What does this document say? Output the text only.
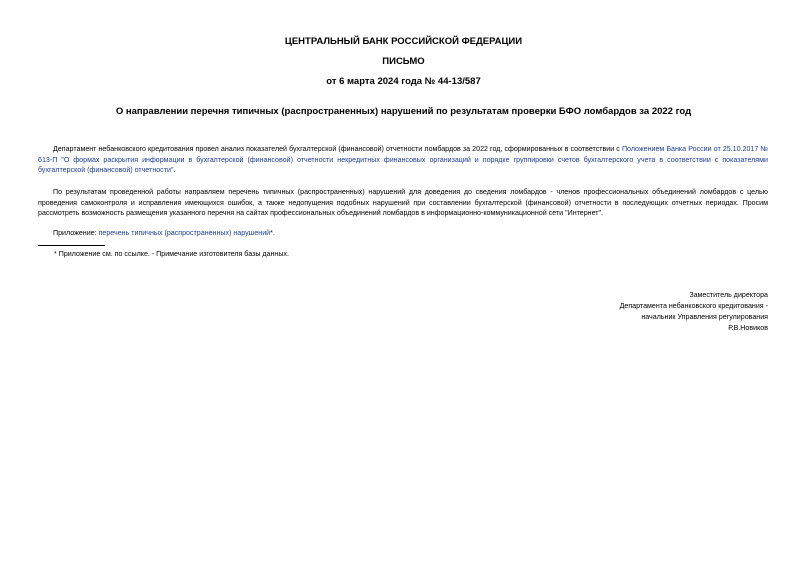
ЦЕНТРАЛЬНЫЙ БАНК РОССИЙСКОЙ ФЕДЕРАЦИИ
ПИСЬМО
от 6 марта 2024 года № 44-13/587
О направлении перечня типичных (распространенных) нарушений по результатам проверки БФО ломбардов за 2022 год
Департамент небанковского кредитования провел анализ показателей бухгалтерской (финансовой) отчетности ломбардов за 2022 год, сформированных в соответствии с Положением Банка России от 25.10.2017 № 613-П "О формах раскрытия информации в бухгалтерской (финансовой) отчетности некредитных финансовых организаций и порядке группировки счетов бухгалтерского учета в соответствии с показателями бухгалтерской (финансовой) отчетности".
По результатам проведенной работы направляем перечень типичных (распространенных) нарушений для доведения до сведения ломбардов - членов профессиональных объединений ломбардов с целью проведения самоконтроля и исправления имеющихся ошибок, а также недопущения подобных нарушений при составлении бухгалтерской (финансовой) отчетности в последующих отчетных периодах. Просим рассмотреть возможность размещения указанного перечня на сайтах профессиональных объединений ломбардов в информационно-коммуникационной сети "Интернет".
Приложение: перечень типичных (распространенных) нарушений*.
* Приложение см. по ссылке. - Примечание изготовителя базы данных.
Заместитель директора
Департамента небанковского кредитования -
начальник Управления регулирования
Р.В.Новиков
